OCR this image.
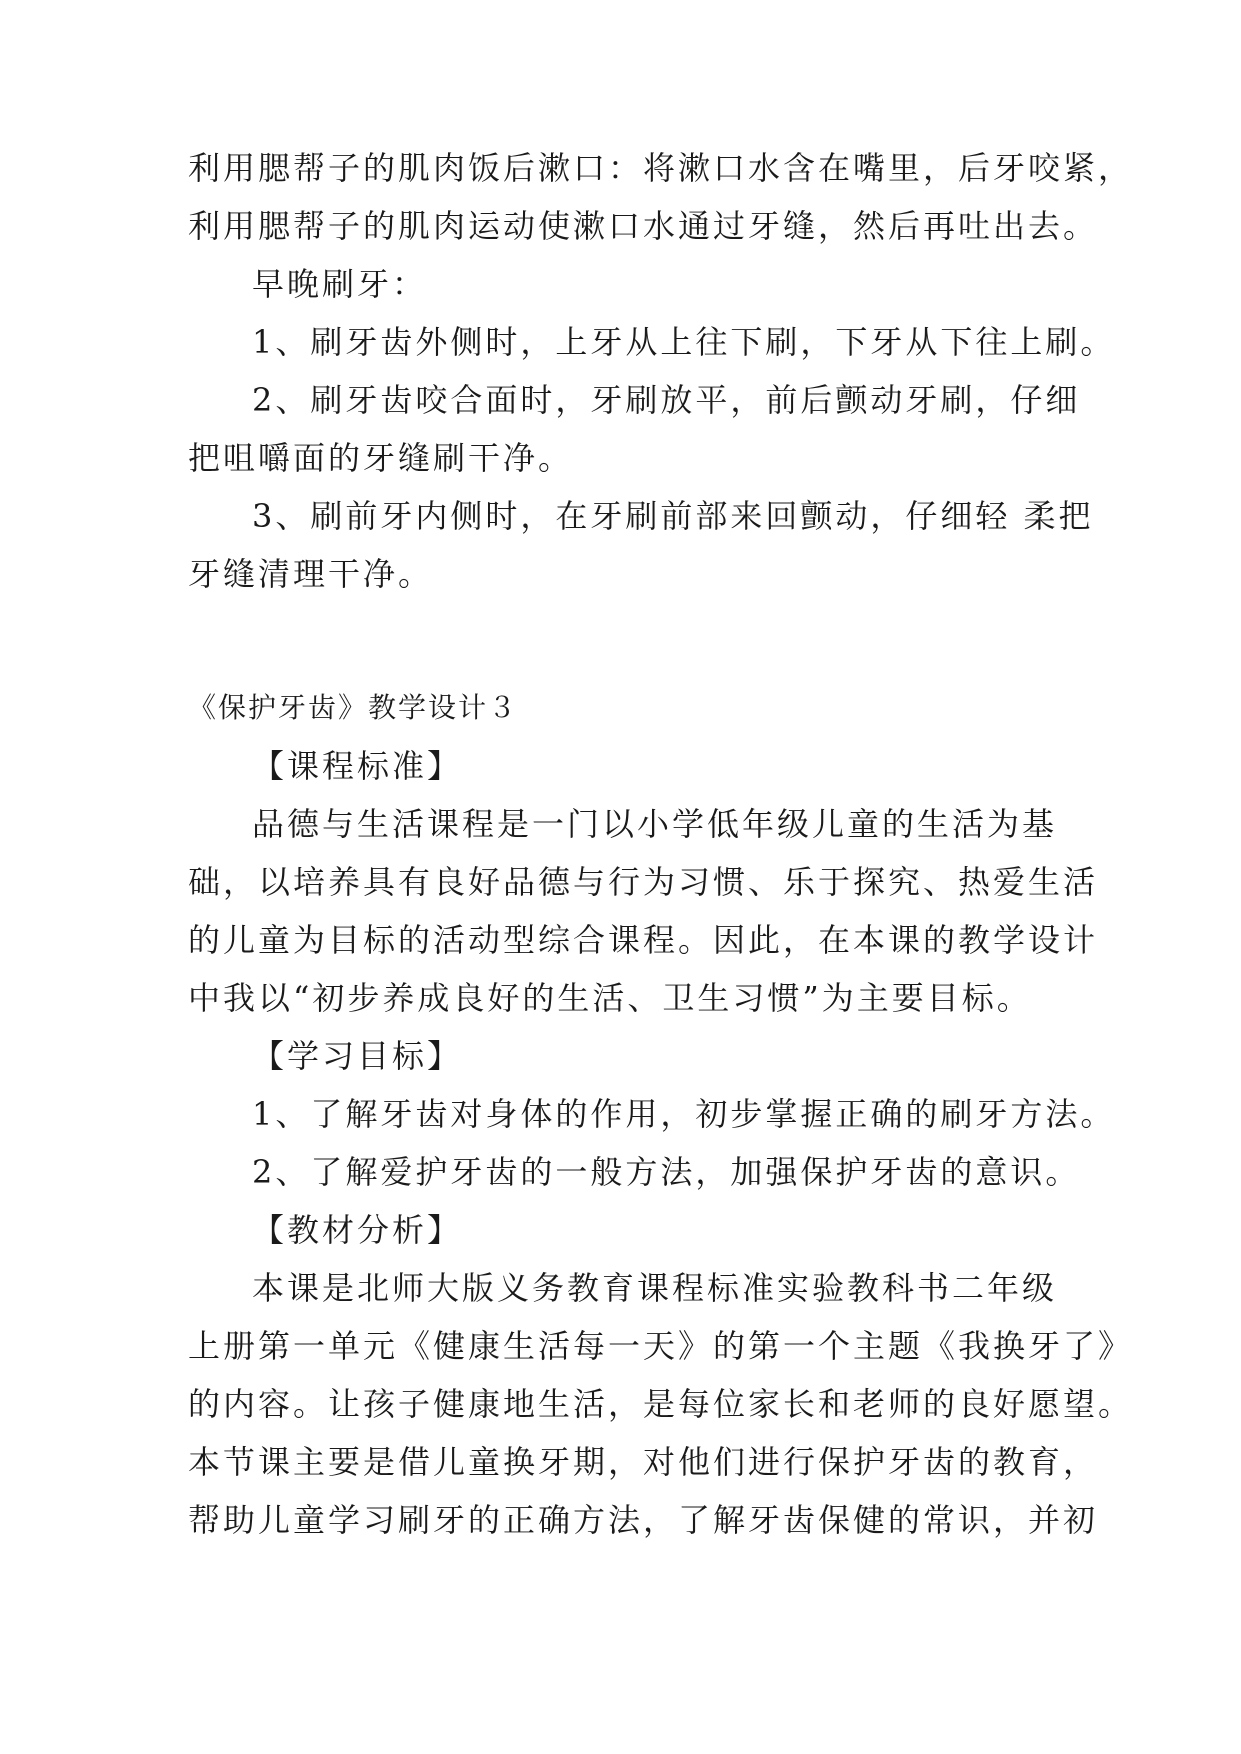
利用腮帮子的肌肉饭后漱口：将漱口水含在嘴里，后牙咬紧，
利用腮帮子的肌肉运动使漱口水通过牙缝，然后再吐出去。
早晚刷牙：
1、刷牙齿外侧时，上牙从上往下刷，下牙从下往上刷。
2、刷牙齿咬合面时，牙刷放平，前后颤动牙刷，仔细
把咀嚼面的牙缝刷干净。
3、刷前牙内侧时，在牙刷前部来回颤动，仔细轻 柔把
牙缝清理干净。
《保护牙齿》教学设计３
【课程标准】
品德与生活课程是一门以小学低年级儿童的生活为基
础，以培养具有良好品德与行为习惯、乐于探究、热爱生活
的儿童为目标的活动型综合课程。因此，在本课的教学设计
中我以“初步养成良好的生活、卫生习惯”为主要目标。
【学习目标】
1、了解牙齿对身体的作用，初步掌握正确的刷牙方法。
2、了解爱护牙齿的一般方法，加强保护牙齿的意识。
【教材分析】
本课是北师大版义务教育课程标准实验教科书二年级
上册第一单元《健康生活每一天》的第一个主题《我换牙了》
的内容。让孩子健康地生活，是每位家长和老师的良好愿望。
本节课主要是借儿童换牙期，对他们进行保护牙齿的教育，
帮助儿童学习刷牙的正确方法，了解牙齿保健的常识，并初
